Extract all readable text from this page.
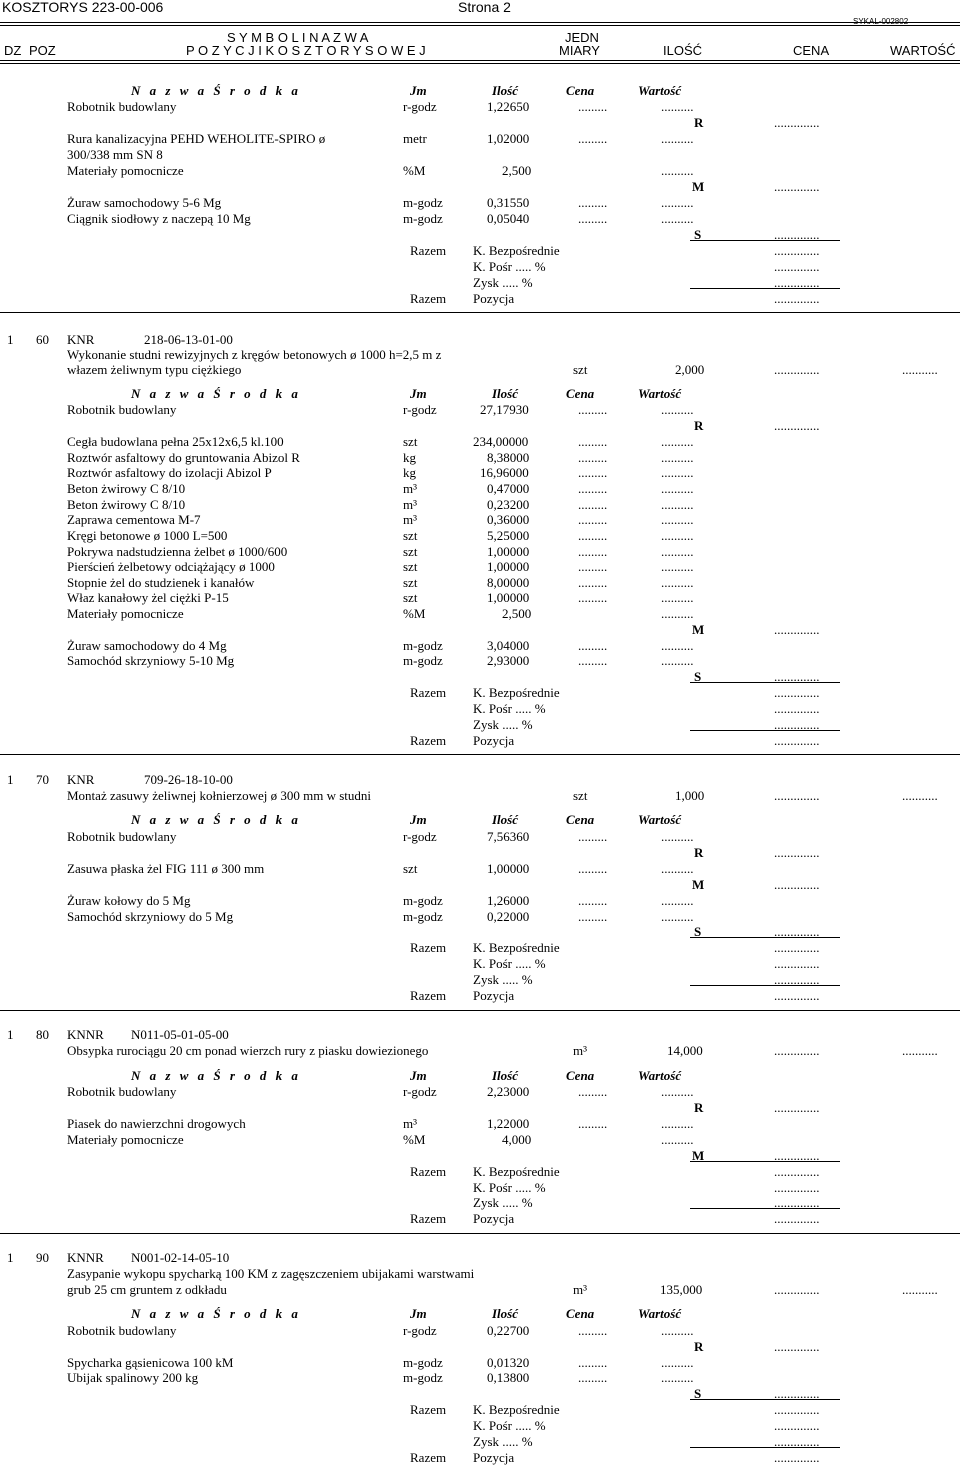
KOSZTORYS 223-00-006	Strona 2
SYKAL-002802
S Y M B O L I N A Z W A	JEDN
DZ POZ	P O Z Y C J I K O S Z T O R Y S O W E J	MIARY	ILOŚĆ	CENA	WARTOŚĆ
N a z w a Ś r o d k a	Jm	Ilość	Cena	Wartość
Robotnik budowlany	r-godz	1,22650	.........	..........
R	..............
Rura kanalizacyjna PEHD WEHOLITE-SPIRO ø
300/338 mm SN 8
metr	1,02000	.........	..........
Materiały pomocnicze	%M	2,500	..........
M	..............
Żuraw samochodowy 5-6 Mg	m-godz	0,31550	.........	..........
Ciągnik siodłowy z naczepą 10 Mg	m-godz	0,05040	.........	..........
S	..............
Razem K. Bezpośrednie	..............
K. Pośr ..... %	..............
Zysk ..... %	..............
Razem Pozycja	..............
1 60 KNR	218-06-13-01-00
Wykonanie studni rewizyjnych z kręgów betonowych ø 1000 h=2,5 m z
włazem żeliwnym typu ciężkiego	szt	2,000	..............	...........
N a z w a Ś r o d k a	Jm	Ilość	Cena	Wartość
Robotnik budowlany	r-godz	27,17930	.........	..........
R	..............
Cegła budowlana pełna 25x12x6,5 kl.100	szt	234,00000	.........	..........
Roztwór asfaltowy do gruntowania Abizol R	kg	8,38000	.........	..........
Roztwór asfaltowy do izolacji Abizol P	kg	16,96000	.........	..........
Beton żwirowy C 8/10	m³	0,47000	.........	..........
Beton żwirowy C 8/10	m³	0,23200	.........	..........
Zaprawa cementowa M-7	m³	0,36000	.........	..........
Kręgi betonowe ø 1000 L=500	szt	5,25000	.........	..........
Pokrywa nadstudzienna żelbet ø 1000/600	szt	1,00000	.........	..........
Pierścień żelbetowy odciążający ø 1000	szt	1,00000	.........	..........
Stopnie żel do studzienek i kanałów	szt	8,00000	.........	..........
Właz kanałowy żel ciężki P-15	szt	1,00000	.........	..........
Materiały pomocnicze	%M	2,500	..........
M	..............
Żuraw samochodowy do 4 Mg	m-godz	3,04000	.........	..........
Samochód skrzyniowy 5-10 Mg	m-godz	2,93000	.........	..........
S	..............
Razem K. Bezpośrednie	..............
K. Pośr ..... %	..............
Zysk ..... %	..............
Razem Pozycja	..............
1 70 KNR	709-26-18-10-00
Montaż zasuwy żeliwnej kołnierzowej ø 300 mm w studni	szt	1,000	..............	...........
N a z w a Ś r o d k a	Jm	Ilość	Cena	Wartość
Robotnik budowlany	r-godz	7,56360	.........	..........
R	..............
Zasuwa płaska żel FIG 111 ø 300 mm	szt	1,00000	.........	..........
M	..............
Żuraw kołowy do 5 Mg	m-godz	1,26000	.........	..........
Samochód skrzyniowy do 5 Mg	m-godz	0,22000	.........	..........
S	..............
Razem K. Bezpośrednie	..............
K. Pośr ..... %	..............
Zysk ..... %	..............
Razem Pozycja	..............
1 80 KNNR N011-05-01-05-00
Obsypka rurociągu 20 cm ponad wierzch rury z piasku dowiezionego	m³	14,000	..............	...........
N a z w a Ś r o d k a	Jm	Ilość	Cena	Wartość
Robotnik budowlany	r-godz	2,23000	.........	..........
R	..............
Piasek do nawierzchni drogowych	m³	1,22000	.........	..........
Materiały pomocnicze	%M	4,000	..........
M	..............
Razem K. Bezpośrednie	..............
K. Pośr ..... %	..............
Zysk ..... %	..............
Razem Pozycja	..............
1 90 KNNR N001-02-14-05-10
Zasypanie wykopu spycharką 100 KM z zagęszczeniem ubijakami warstwami
grub 25 cm gruntem z odkładu	m³	135,000	..............	...........
N a z w a Ś r o d k a	Jm	Ilość	Cena	Wartość
Robotnik budowlany	r-godz	0,22700	.........	..........
R	..............
Spycharka gąsienicowa 100 kM	m-godz	0,01320	.........	..........
Ubijak spalinowy 200 kg	m-godz	0,13800	.........	..........
S	..............
Razem K. Bezpośrednie	..............
K. Pośr ..... %	..............
Zysk ..... %	..............
Razem Pozycja	..............
